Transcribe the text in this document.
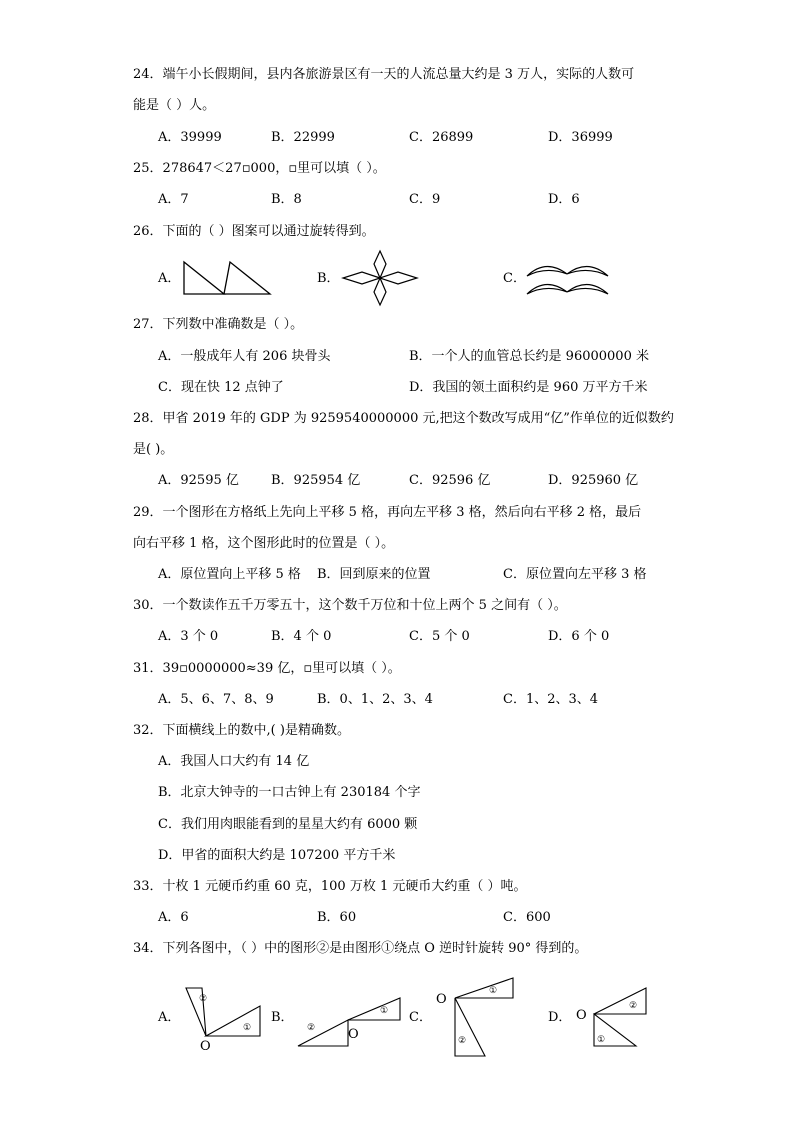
24．端午小长假期间，县内各旅游景区有一天的人流总量大约是 3 万人，实际的人数可
能是（ ）人。
A．39999	B．22999	C．26899	D．36999
25．278647＜27▫000，▫里可以填（ ）。
A．7	B．8	C．9	D．6
26．下面的（ ）图案可以通过旋转得到。
A．	B．	C．
27．下列数中准确数是（ ）。
A．一般成年人有 206 块骨头	B．一个人的血管总长约是 96000000 米
C．现在快 12 点钟了	D．我国的领土面积约是 960 万平方千米
28．甲省 2019 年的 GDP 为 9259540000000 元,把这个数改写成用“亿”作单位的近似数约
是( )。
A．92595 亿 B．925954 亿	C．92596 亿	D．925960 亿
29．一个图形在方格纸上先向上平移 5 格，再向左平移 3 格，然后向右平移 2 格，最后
向右平移 1 格，这个图形此时的位置是（ ）。
A．原位置向上平移 5 格 B．回到原来的位置	C．原位置向左平移 3 格
30．一个数读作五千万零五十，这个数千万位和十位上两个 5 之间有（ ）。
A．3 个 0	B．4 个 0	C．5 个 0	D．6 个 0
31．39▫0000000≈39 亿，▫里可以填（ ）。
A．5、6、7、8、9	B．0、1、2、3、4	C．1、2、3、4
32．下面横线上的数中,( )是精确数。
A．我国人口大约有 14 亿
B．北京大钟寺的一口古钟上有 230184 个字
C．我们用肉眼能看到的星星大约有 6000 颗
D．甲省的面积大约是 107200 平方千米
33．十枚 1 元硬币约重 60 克，100 万枚 1 元硬币大约重（ ）吨。
A．6	B．60	C．600
34．下列各图中，（ ）中的图形②是由图形①绕点 O 逆时针旋转 90° 得到的。
A．
②
①
O
B．
②
①
O
C．
①
②
O
D．
②
①
O
